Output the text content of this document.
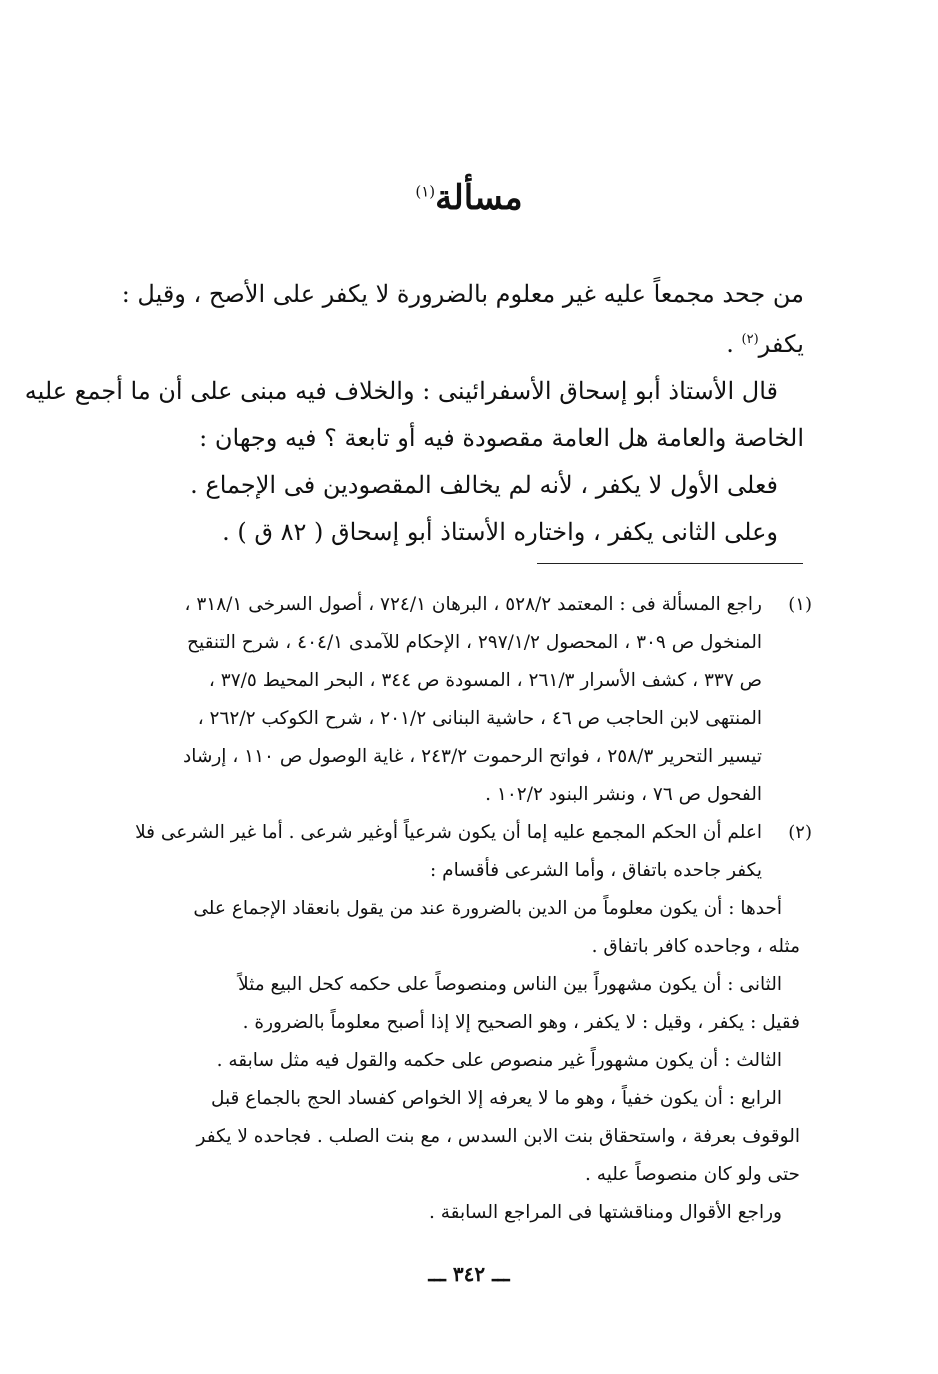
مسألة$^{(١)}$
من جحد مجمعاً عليه غير معلوم بالضرورة لا يكفر على الأصح ، وقيل :
يكفر$^{(٢)}$ .
قال الأستاذ أبو إسحاق الأسفرائينى : والخلاف فيه مبنى على أن ما أجمع عليه
الخاصة والعامة هل العامة مقصودة فيه أو تابعة ؟ فيه وجهان :
فعلى الأول لا يكفر ، لأنه لم يخالف المقصودين فى الإجماع .
وعلى الثانى يكفر ، واختاره الأستاذ أبو إسحاق ( ٨٢ ق ) .
(١)
راجع المسألة فى : المعتمد ٥٢٨/٢ ، البرهان ٧٢٤/١ ، أصول السرخى ٣١٨/١ ،
المنخول ص ٣٠٩ ، المحصول ٢٩٧/١/٢ ، الإحكام للآمدى ٤٠٤/١ ، شرح التنقيح
ص ٣٣٧ ، كشف الأسرار ٢٦١/٣ ، المسودة ص ٣٤٤ ، البحر المحيط ٣٧/٥ ،
المنتهى لابن الحاجب ص ٤٦ ، حاشية البنانى ٢٠١/٢ ، شرح الكوكب ٢٦٢/٢ ،
تيسير التحرير ٢٥٨/٣ ، فواتح الرحموت ٢٤٣/٢ ، غاية الوصول ص ١١٠ ، إرشاد
الفحول ص ٧٦ ، ونشر البنود ١٠٢/٢ .
(٢)
اعلم أن الحكم المجمع عليه إما أن يكون شرعياً أوغير شرعى . أما غير الشرعى فلا
يكفر جاحده باتفاق ، وأما الشرعى فأقسام :
أحدها : أن يكون معلوماً من الدين بالضرورة عند من يقول بانعقاد الإجماع على
مثله ، وجاحده كافر باتفاق .
الثانى : أن يكون مشهوراً بين الناس ومنصوصاً على حكمه كحل البيع مثلاً
فقيل : يكفر ، وقيل : لا يكفر ، وهو الصحيح إلا إذا أصبح معلوماً بالضرورة .
الثالث : أن يكون مشهوراً غير منصوص على حكمه والقول فيه مثل سابقه .
الرابع : أن يكون خفياً ، وهو ما لا يعرفه إلا الخواص كفساد الحج بالجماع قبل
الوقوف بعرفة ، واستحقاق بنت الابن السدس ، مع بنت الصلب . فجاحده لا يكفر
حتى ولو كان منصوصاً عليه .
وراجع الأقوال ومناقشتها فى المراجع السابقة .
ـــ ٣٤٢ ـــ
